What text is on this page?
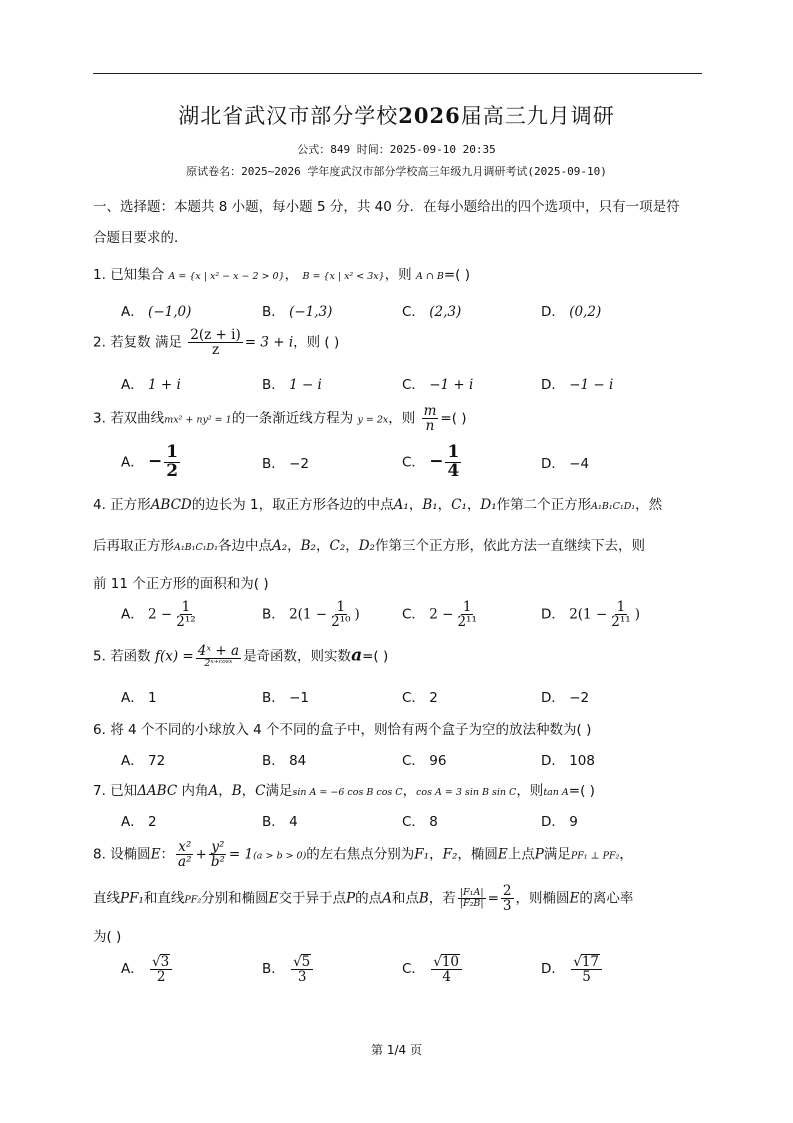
湖北省武汉市部分学校2026届高三九月调研
公式：849 时间：2025-09-10 20:35
原试卷名：2025~2026 学年度武汉市部分学校高三年级九月调研考试(2025-09-10)
一、选择题：本题共 8 小题，每小题 5 分，共 40 分．在每小题给出的四个选项中，只有一项是符
合题目要求的．
1. 已知集合 A = {x | x² − x − 2 > 0}， B = {x | x² < 3x}，则 A ∩ B=( )
A． (−1,0)	B． (−1,3)	C． (2,3)	D． (0,2)
2. 若复数 满足 $\frac{2(z + i)}{z} = 3 + i$，则 ( )
A． 1 + i	B． 1 − i	C． −1 + i	D． −1 − i
3. 若双曲线mx² + ny² = 1的一条渐近线方程为 y = 2x，则 $\frac{m}{n}$ =( )
A． − $\frac{1}{2}$	B． −2	C． − $\frac{1}{4}$	D． −4
4. 正方形ABCD的边长为 1，取正方形各边的中点A₁，B₁，C₁，D₁作第二个正方形A₁B₁C₁D₁，然
后再取正方形A₁B₁C₁D₁各边中点A₂，B₂，C₂，D₂作第三个正方形，依此方法一直继续下去，则
前 11 个正方形的面积和为( )
A． $2 - \frac{1}{\text{2¹²}}$	B． $2(1 - \frac{1}{\text{2¹⁰}}$ )	C． $2 - \frac{1}{\text{2¹¹}}$	D． $2(1 - \frac{1}{\text{2¹¹}}$ )
5. 若函数 $f(x) = \frac{\text{4ˣ + a}}{\text{2ˣ⁺ᶜᵒˢˣ}}$ 是奇函数，则实数a=( )
A． 1	B． −1	C． 2	D． −2
6. 将 4 个不同的小球放入 4 个不同的盒子中，则恰有两个盒子为空的放法种数为( )
A． 72	B． 84	C． 96	D． 108
7. 已知ΔABC 内角A，B，C满足sin A = −6 cos B cos C，cos A = 3 sin B sin C，则tan A=( )
A． 2	B． 4	C． 8	D． 9
8. 设椭圆E： $\frac{\text{x²}}{\text{a²}} + \frac{\text{y²}}{\text{b²}} = 1(a > b > 0)$的左右焦点分别为F₁，F₂，椭圆E上点P满足PF₁ ⊥ PF₂，
直线PF₁和直线PF₂分别和椭圆E交于异于点P的点A和点B，若 $\frac{\text{|F₁A|}}{\text{|F₂B|}} = \frac{2}{3}$ ，则椭圆E的离心率
为( )
A． $\frac{√3}{2}$	B． $\frac{√5}{3}$	C． $\frac{√10}{4}$	D． $\frac{√17}{5}$
第 1/4 页
